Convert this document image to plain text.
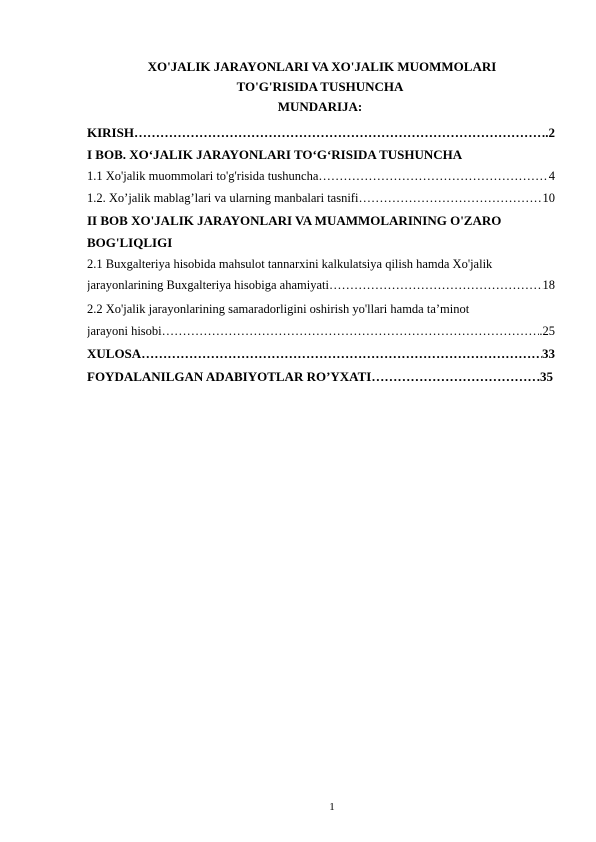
XO'JALIK JARAYONLARI VA XO'JALIK MUOMMOLARI

TO'G'RISIDA TUSHUNCHA

MUNDARIJA:

KIRISH …………………………………………………………………………………………………………………………………………………………………………………………	.2
I BOB. XO‘JALIK JARAYONLARI TO‘G‘RISIDA TUSHUNCHA
1.1 Xo'jalik muommolari to'g'risida tushuncha …………………………………………………………………………………………………………………………………………………………………………………………	4
1.2. Xo’jalik mablag’lari va ularning manbalari tasnifi …………………………………………………………………………………………………………………………………………………………………………………………	10
II BOB XO'JALIK JARAYONLARI VA MUAMMOLARINING O'ZARO
BOG'LIQLIGI
2.1 Buxgalteriya hisobida mahsulot tannarxini kalkulatsiya qilish hamda Xo'jalik
jarayonlarining Buxgalteriya hisobiga ahamiyati …………………………………………………………………………………………………………………………………………………………………………………………	18
2.2 Xo'jalik jarayonlarining samaradorligini oshirish yo'llari hamda ta’minot
jarayoni hisobi …………………………………………………………………………………………………………………………………………………………………………………………	.25
XULOSA …………………………………………………………………………………………………………………………………………………………………………………………	33
FOYDALANILGAN ADABIYOTLAR RO’YXATI …………………………………………………………………………………………………………………………………………………………………………………………	.35
1
